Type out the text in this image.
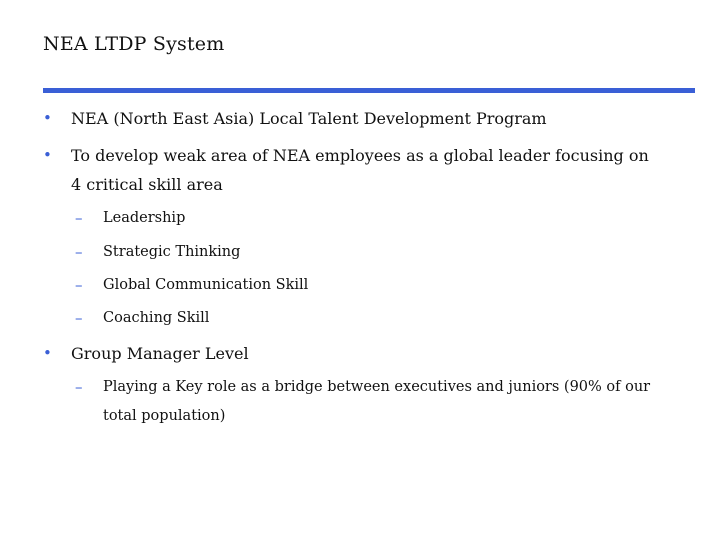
NEA LTDP System
•	NEA (North East Asia) Local Talent Development Program
•	To develop weak area of NEA employees as a global leader focusing on 4 critical skill area
–	Leadership
–	Strategic Thinking
–	Global Communication Skill
–	Coaching Skill
•	Group Manager Level
–	Playing a Key role as a bridge between executives and juniors (90% of our total population)
